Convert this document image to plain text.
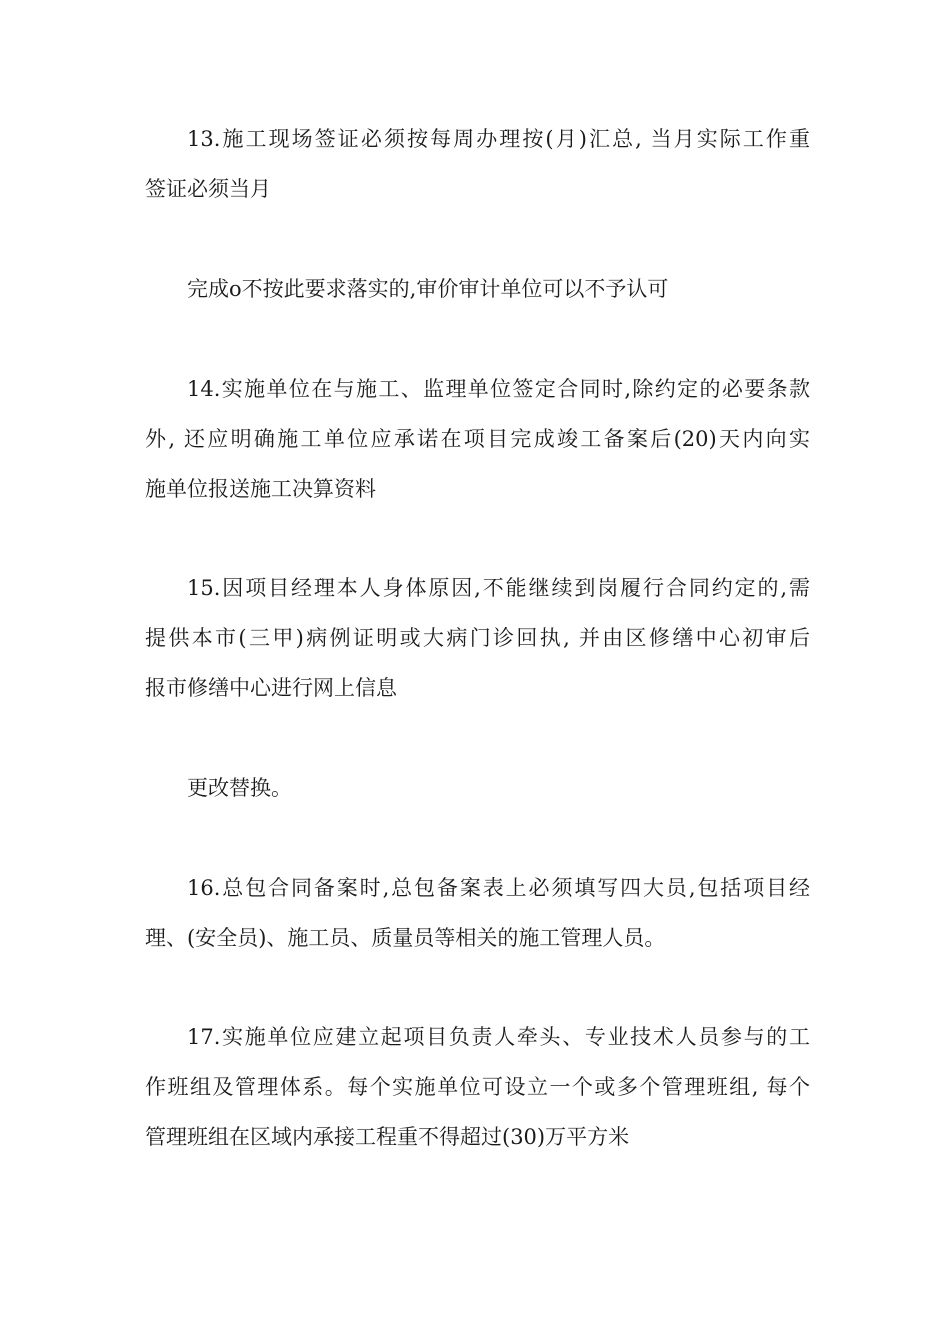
13.施工现场签证必须按每周办理按(月)汇总, 当月实际工作重
签证必须当月
完成o不按此要求落实的,审价审计单位可以不予认可
14.实施单位在与施工、监理单位签定合同时,除约定的必要条款
外, 还应明确施工单位应承诺在项目完成竣工备案后(20)天内向实
施单位报送施工决算资料
15.因项目经理本人身体原因,不能继续到岗履行合同约定的,需
提供本市(三甲)病例证明或大病门诊回执, 并由区修缮中心初审后
报市修缮中心进行网上信息
更改替换。
16.总包合同备案时,总包备案表上必须填写四大员,包括项目经
理、(安全员)、施工员、质量员等相关的施工管理人员。
17.实施单位应建立起项目负责人牵头、专业技术人员参与的工
作班组及管理体系。每个实施单位可设立一个或多个管理班组, 每个
管理班组在区域内承接工程重不得超过(30)万平方米
